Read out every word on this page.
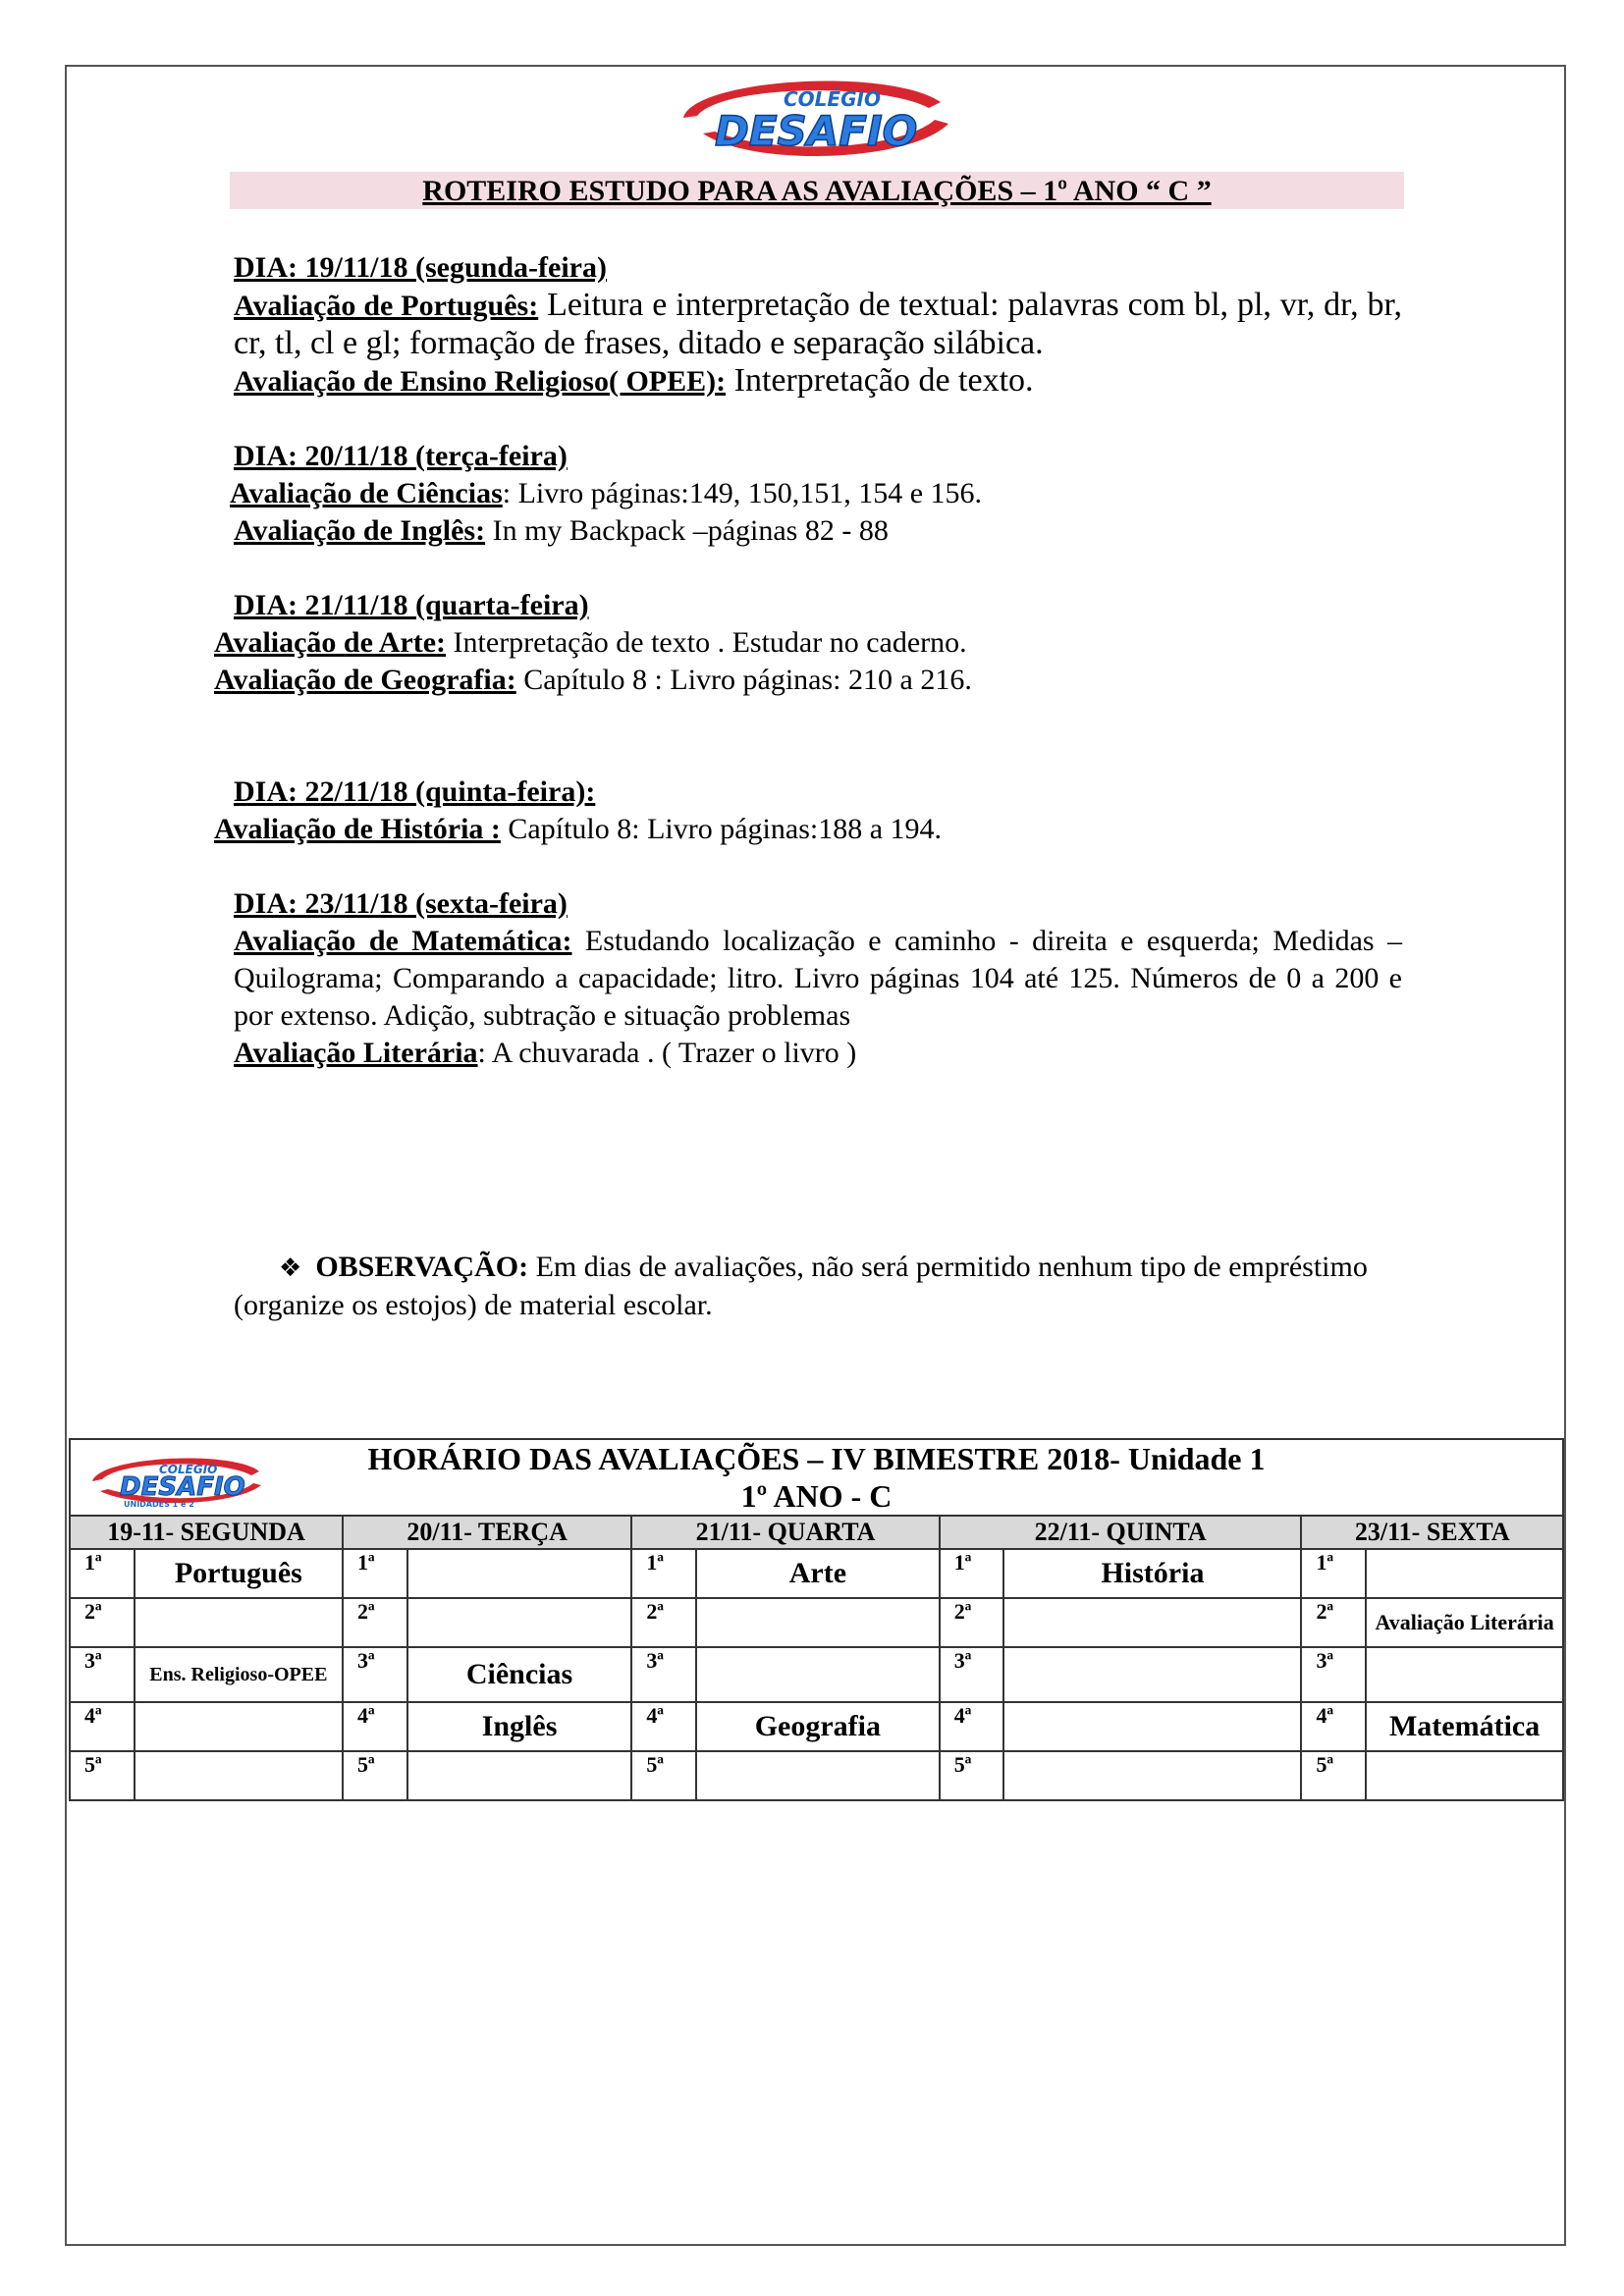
COLÉGIO
DESAFIO
ROTEIRO ESTUDO PARA AS AVALIAÇÕES – 1º ANO “ C ”
DIA: 19/11/18 (segunda-feira)
Avaliação de Português: Leitura e interpretação de textual: palavras com bl, pl, vr, dr, br, cr, tl, cl e gl; formação de frases, ditado e separação silábica.
Avaliação de Ensino Religioso( OPEE): Interpretação de texto.
DIA: 20/11/18 (terça-feira)
Avaliação de Ciências: Livro páginas:149, 150,151, 154 e 156.
Avaliação de Inglês: In my Backpack –páginas 82 - 88
DIA: 21/11/18 (quarta-feira)
Avaliação de Arte: Interpretação de texto . Estudar no caderno.
Avaliação de Geografia: Capítulo 8 : Livro páginas: 210 a 216.
DIA: 22/11/18 (quinta-feira):
Avaliação de História : Capítulo 8: Livro páginas:188 a 194.
DIA: 23/11/18 (sexta-feira)
Avaliação de Matemática: Estudando localização e caminho - direita e esquerda; Medidas – Quilograma; Comparando a capacidade; litro. Livro páginas 104 até 125. Números de 0 a 200 e por extenso. Adição, subtração e situação problemas
Avaliação Literária: A chuvarada . ( Trazer o livro )
❖ OBSERVAÇÃO: Em dias de avaliações, não será permitido nenhum tipo de empréstimo (organize os estojos) de material escolar.
COLÉGIO
DESAFIO
UNIDADES 1 e 2
HORÁRIO DAS AVALIAÇÕES – IV BIMESTRE 2018- Unidade 1
1º ANO - C									

19-11- SEGUNDA		20/11- TERÇA		21/11- QUARTA		22/11- QUINTA		23/11- SEXTA	
1ª	Português	1ª		1ª	Arte	1ª	História	1ª	
2ª		2ª		2ª		2ª		2ª	Avaliação Literária
3ª	Ens. Religioso-OPEE	3ª	Ciências	3ª		3ª		3ª	
4ª		4ª	Inglês	4ª	Geografia	4ª		4ª	Matemática
5ª		5ª		5ª		5ª		5ª	
